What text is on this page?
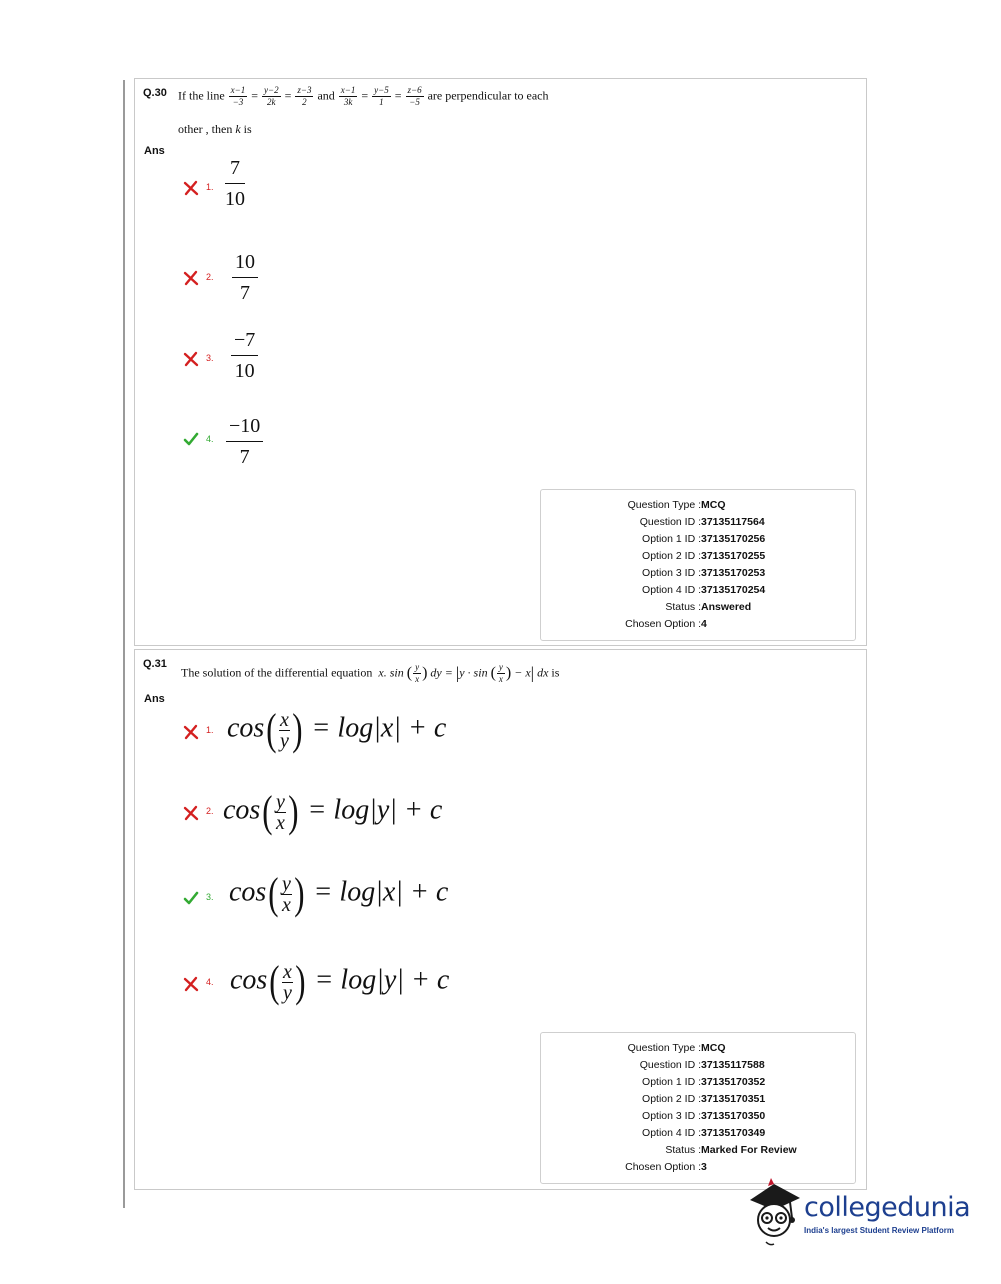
Q.30 If the line $\frac{x-1}{-3} = \frac{y-2}{2k} = \frac{z-3}{2}$ and $\frac{x-1}{3k} = \frac{y-5}{1} = \frac{z-6}{-5}$ are perpendicular to each
other , then k is
Ans
1.
7
10
2.
10
7
3.
−7
10
4.
−10
7
Question Type : MCQ
Question ID : 37135117564
Option 1 ID : 37135170256
Option 2 ID : 37135170255
Option 3 ID : 37135170253
Option 4 ID : 37135170254
Status : Answered
Chosen Option : 4
Q.31
The solution of the differential equation x. sin ( $\frac{y}{x}$ ) dy = |y · sin ( $\frac{y}{x}$ ) − x| dx is
Ans
1. $\cos( \frac{x}{y}$ ) = log|x| + c
2. $\cos( \frac{y}{x}$ ) = log|y| + c
3. $\cos( \frac{y}{x}$ ) = log|x| + c
4. $\cos( \frac{x}{y}$ ) = log|y| + c
Question Type : MCQ
Question ID : 37135117588
Option 1 ID : 37135170352
Option 2 ID : 37135170351
Option 3 ID : 37135170350
Option 4 ID : 37135170349
Status : Marked For Review
Chosen Option : 3
collegedunia
India's largest Student Review Platform
